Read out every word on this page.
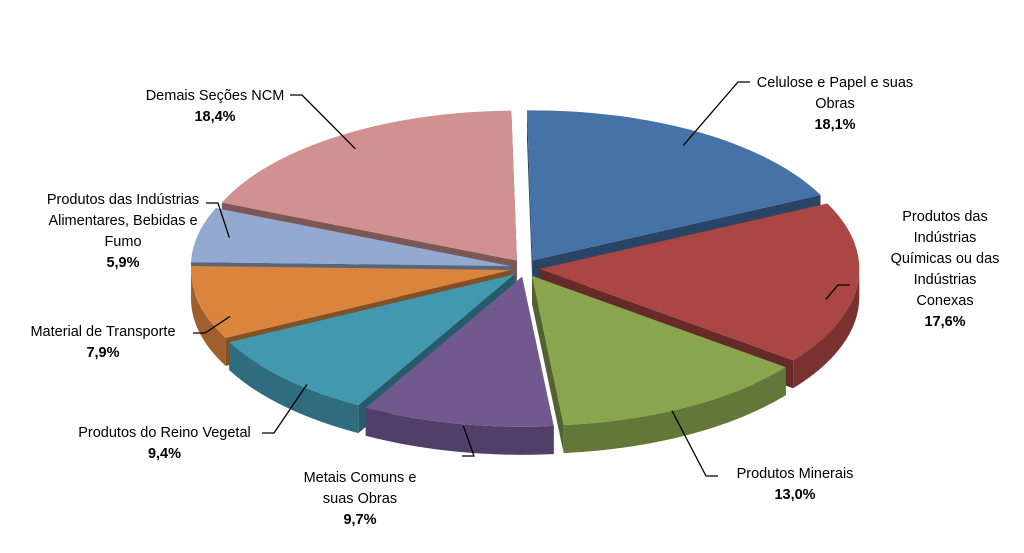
Celulose e Papel e suas Obras
18,1%
Produtos das Indústrias Químicas ou das Indústrias Conexas
17,6%
Produtos Minerais
13,0%
Metais Comuns e suas Obras
9,7%
Produtos do Reino Vegetal
9,4%
Material de Transporte
7,9%
Produtos das Indústrias Alimentares, Bebidas e Fumo
5,9%
Demais Seções NCM
18,4%
